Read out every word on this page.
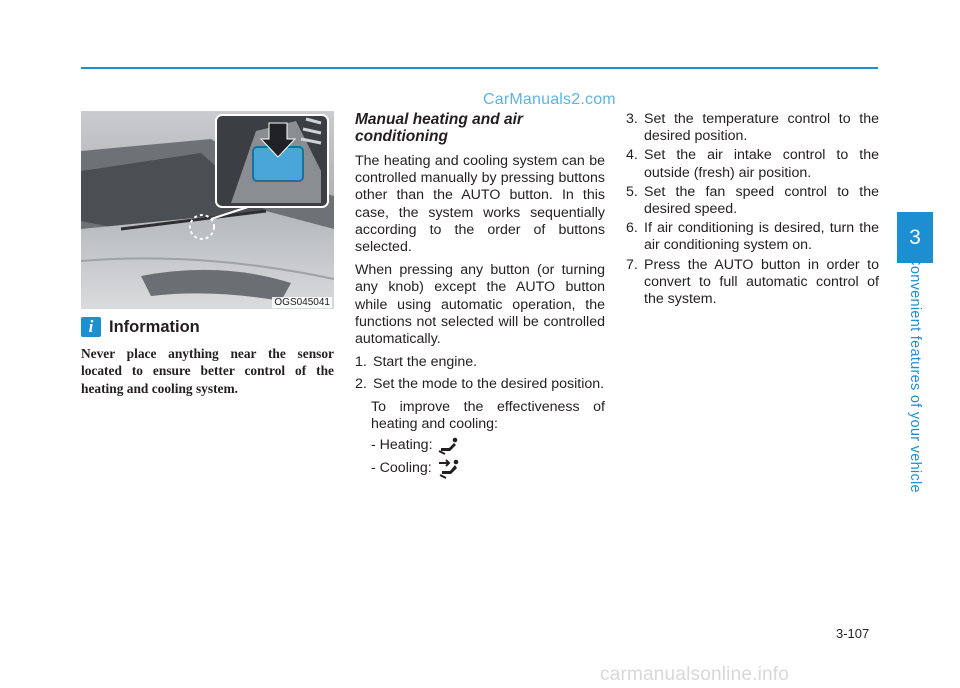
CarManuals2.com
OGS045041
i Information
Never place anything near the sensor located to ensure better control of the heating and cooling system.
Manual heating and air conditioning

The heating and cooling system can be controlled manually by pressing buttons other than the AUTO button. In this case, the system works sequentially according to the order of buttons selected.

When pressing any button (or turning any knob) except the AUTO button while using automatic operation, the functions not selected will be controlled automatically.

1. Start the engine.
2. Set the mode to the desired position.
To improve the effectiveness of heating and cooling:
- Heating:
- Cooling:
3. Set the temperature control to the desired position.
4. Set the air intake control to the outside (fresh) air position.
5. Set the fan speed control to the desired speed.
6. If air conditioning is desired, turn the air conditioning system on.
7. Press the AUTO button in order to convert to full automatic control of the system.
3
Convenient features of your vehicle
3-107
carmanualsonline.info
